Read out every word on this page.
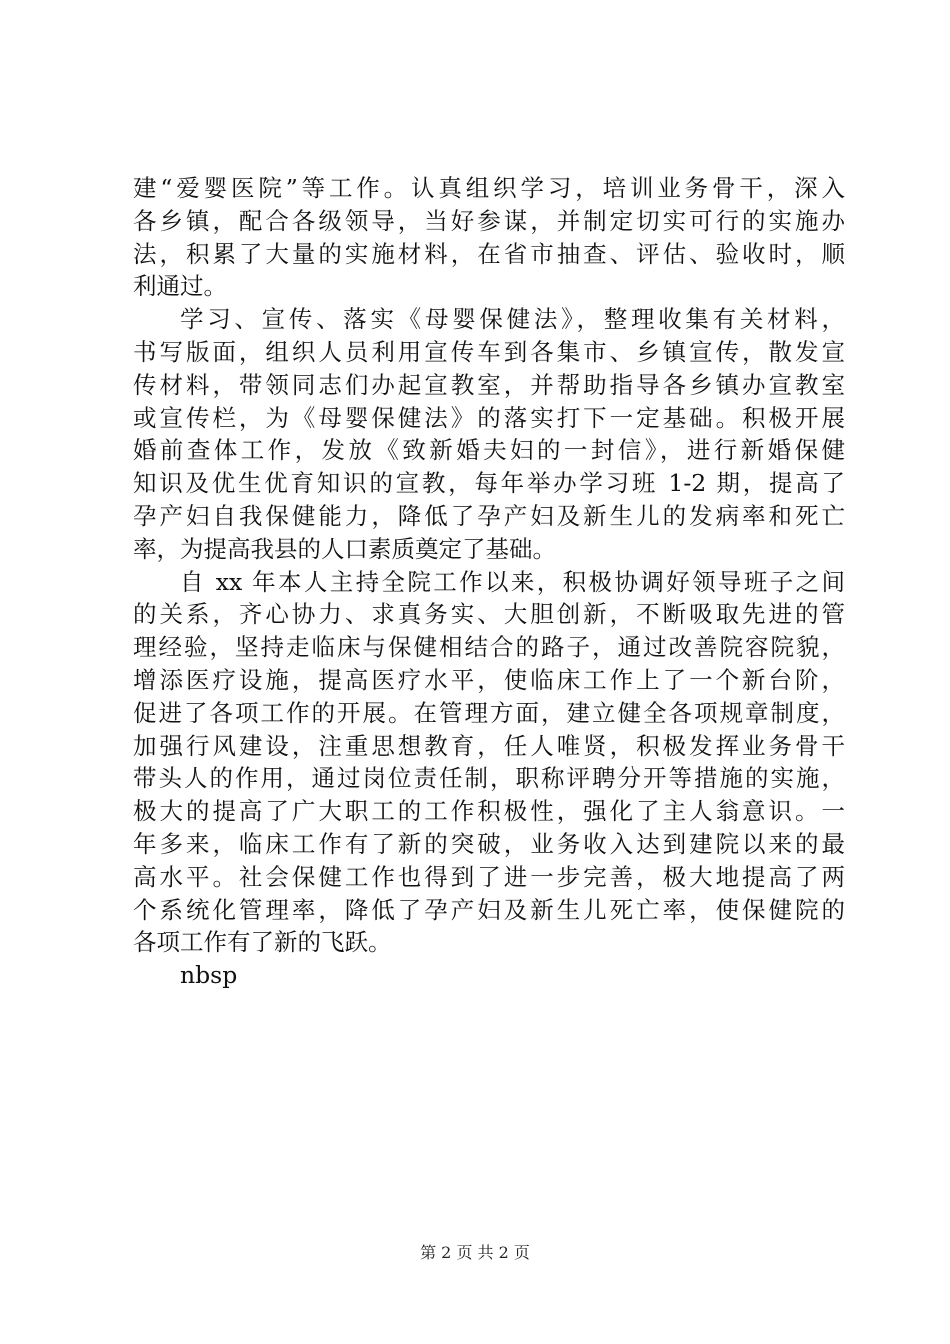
建“爱婴医院”等工作。认真组织学习，培训业务骨干，深入
各乡镇，配合各级领导，当好参谋，并制定切实可行的实施办
法，积累了大量的实施材料，在省市抽查、评估、验收时，顺
利通过。
学习、宣传、落实《母婴保健法》，整理收集有关材料，
书写版面，组织人员利用宣传车到各集市、乡镇宣传，散发宣
传材料，带领同志们办起宣教室，并帮助指导各乡镇办宣教室
或宣传栏，为《母婴保健法》的落实打下一定基础。积极开展
婚前查体工作，发放《致新婚夫妇的一封信》，进行新婚保健
知识及优生优育知识的宣教，每年举办学习班 1-2 期，提高了
孕产妇自我保健能力，降低了孕产妇及新生儿的发病率和死亡
率，为提高我县的人口素质奠定了基础。
自 xx 年本人主持全院工作以来，积极协调好领导班子之间
的关系，齐心协力、求真务实、大胆创新，不断吸取先进的管
理经验，坚持走临床与保健相结合的路子，通过改善院容院貌，
增添医疗设施，提高医疗水平，使临床工作上了一个新台阶，
促进了各项工作的开展。在管理方面，建立健全各项规章制度，
加强行风建设，注重思想教育，任人唯贤，积极发挥业务骨干
带头人的作用，通过岗位责任制，职称评聘分开等措施的实施，
极大的提高了广大职工的工作积极性，强化了主人翁意识。一
年多来，临床工作有了新的突破，业务收入达到建院以来的最
高水平。社会保健工作也得到了进一步完善，极大地提高了两
个系统化管理率，降低了孕产妇及新生儿死亡率，使保健院的
各项工作有了新的飞跃。
nbsp
第 2 页 共 2 页
